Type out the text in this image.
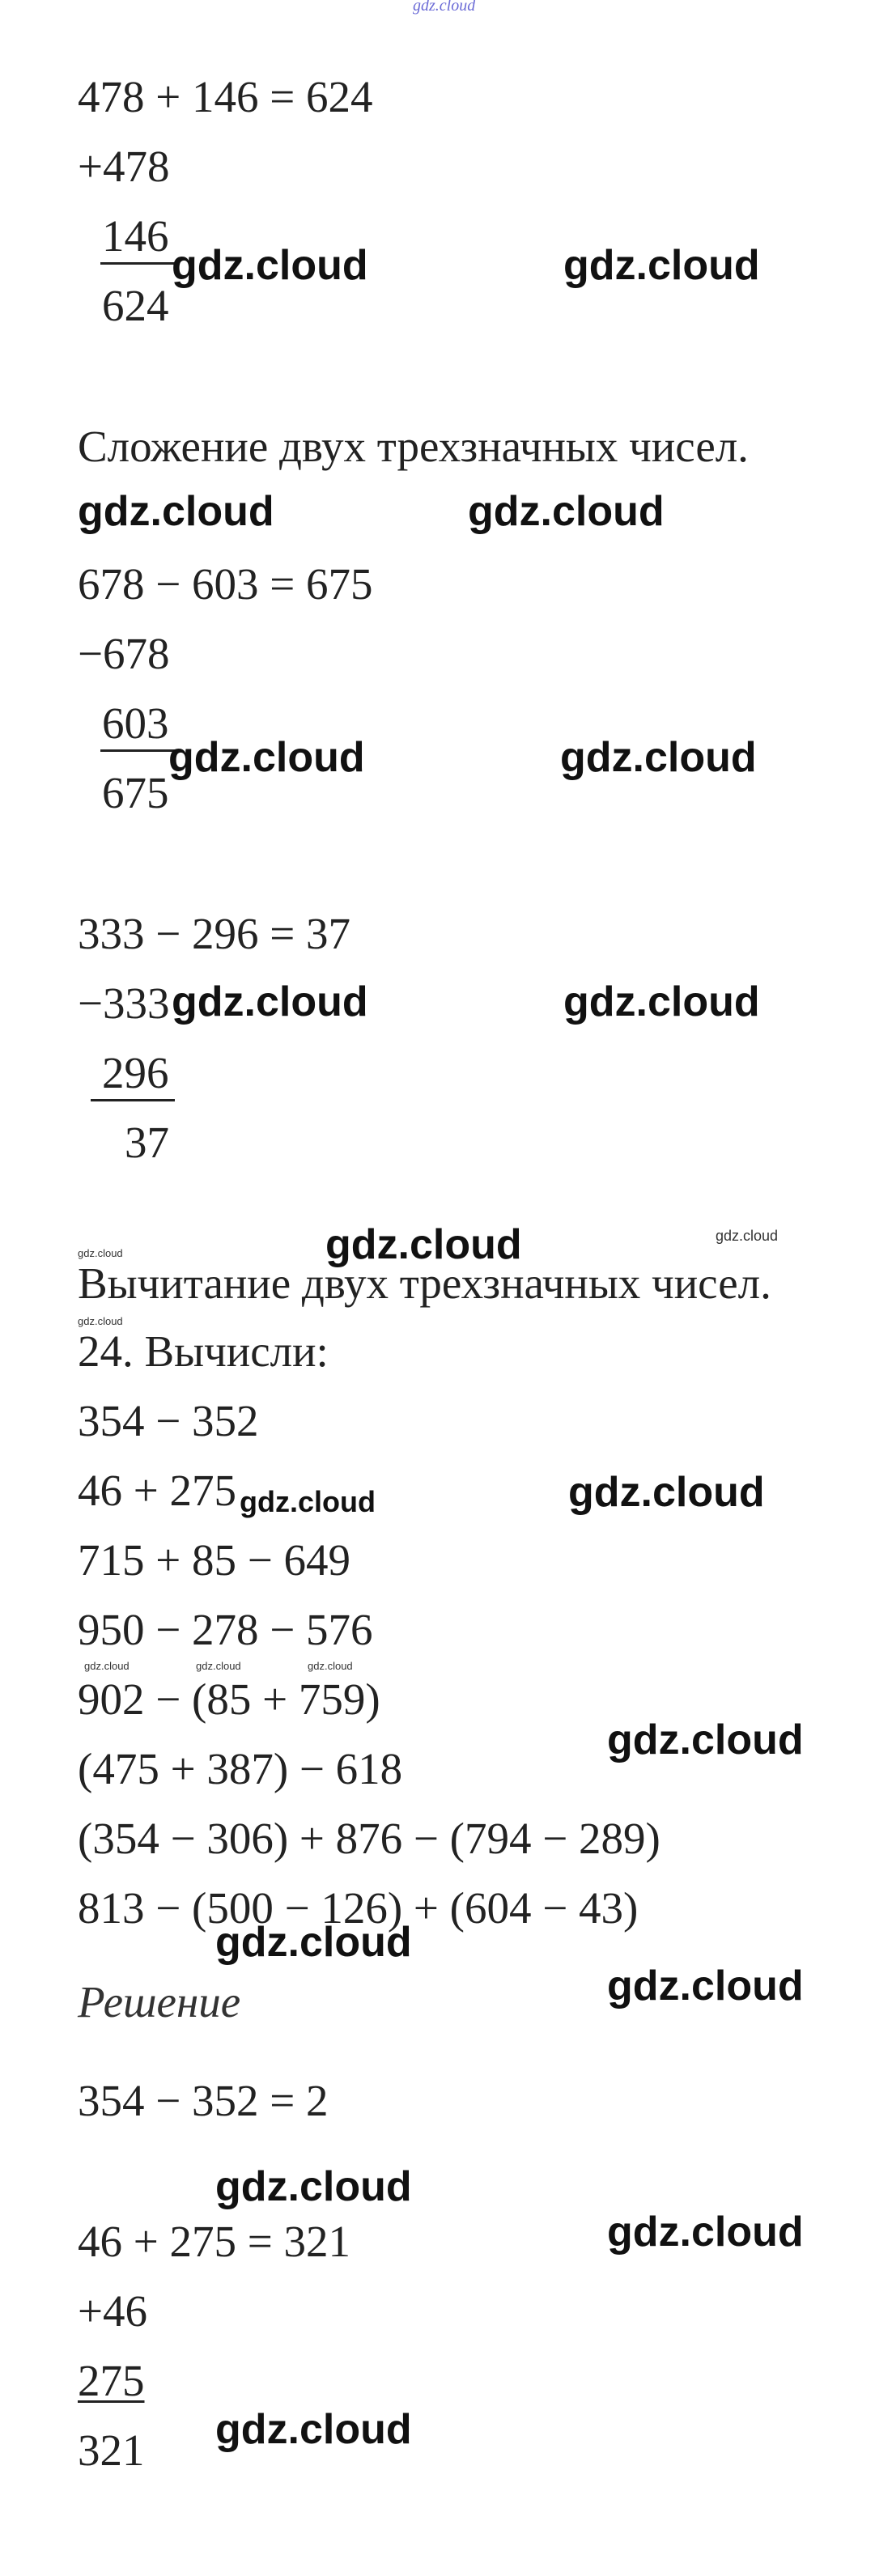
gdz.cloud
478 + 146 = 624
+478
146
624
gdz.cloud	gdz.cloud
Сложение двух трехзначных чисел.
gdz.cloud	gdz.cloud
678 − 603 = 675
−678
603
675
gdz.cloud	gdz.cloud
333 − 296 = 37
−333 gdz.cloud	gdz.cloud
296
37
gdz.cloud	gdz.cloud	gdz.cloud
Вычитание двух трехзначных чисел.
gdz.cloud
24. Вычисли:
354 − 352
46 + 275 gdz.cloud	gdz.cloud
715 + 85 − 649
950 − 278 − 576
gdz.cloud	gdz.cloud	gdz.cloud
902 − (85 + 759)
(475 + 387) − 618
gdz.cloud
(354 − 306) + 876 − (794 − 289)
813 − (500 − 126) + (604 − 43)
gdz.cloud
gdz.cloud
Решение
354 − 352 = 2
gdz.cloud
46 + 275 = 321	gdz.cloud
+46
275
321 gdz.cloud
